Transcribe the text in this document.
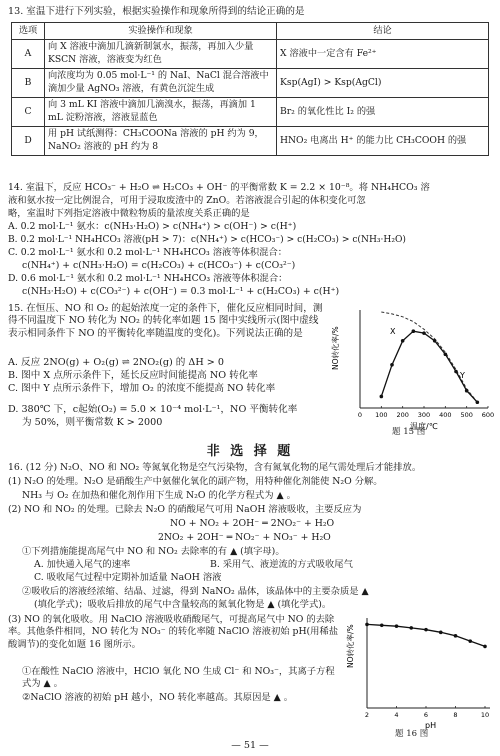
13. 室温下进行下列实验，根据实验操作和现象所得到的结论正确的是
选项	实验操作和现象	结论
A	向 X 溶液中滴加几滴新制氯水，振荡，再加入少量 KSCN 溶液，溶液变为红色	X 溶液中一定含有 Fe²⁺
B	向浓度均为 0.05 mol·L⁻¹ 的 NaI、NaCl 混合溶液中滴加少量 AgNO₃ 溶液，有黄色沉淀生成	Ksp(AgI) > Ksp(AgCl)
C	向 3 mL KI 溶液中滴加几滴溴水，振荡，再滴加 1 mL 淀粉溶液，溶液显蓝色	Br₂ 的氧化性比 I₂ 的强
D	用 pH 试纸测得：CH₃COONa 溶液的 pH 约为 9，NaNO₂ 溶液的 pH 约为 8	HNO₂ 电离出 H⁺ 的能力比 CH₃COOH 的强
14. 室温下，反应 HCO₃⁻ + H₂O ⇌ H₂CO₃ + OH⁻ 的平衡常数 K = 2.2 × 10⁻⁸。将 NH₄HCO₃ 溶
液和氨水按一定比例混合，可用于浸取废渣中的 ZnO。若溶液混合引起的体积变化可忽
略，室温时下列指定溶液中微粒物质的量浓度关系正确的是
A. 0.2 mol·L⁻¹ 氨水：c(NH₃·H₂O) > c(NH₄⁺) > c(OH⁻) > c(H⁺)
B. 0.2 mol·L⁻¹ NH₄HCO₃ 溶液(pH > 7)：c(NH₄⁺) > c(HCO₃⁻) > c(H₂CO₃) > c(NH₃·H₂O)
C. 0.2 mol·L⁻¹ 氨水和 0.2 mol·L⁻¹ NH₄HCO₃ 溶液等体积混合：
c(NH₄⁺) + c(NH₃·H₂O) = c(H₂CO₃) + c(HCO₃⁻) + c(CO₃²⁻)
D. 0.6 mol·L⁻¹ 氨水和 0.2 mol·L⁻¹ NH₄HCO₃ 溶液等体积混合：
c(NH₃·H₂O) + c(CO₃²⁻) + c(OH⁻) = 0.3 mol·L⁻¹ + c(H₂CO₃) + c(H⁺)
15. 在恒压、NO 和 O₂ 的起始浓度一定的条件下，催化反应相同时间，测得不同温度下 NO 转化为 NO₂ 的转化率如题 15 图中实线所示(图中虚线表示相同条件下 NO 的平衡转化率随温度的变化)。下列说法正确的是
A. 反应 2NO(g) + O₂(g) ⇌ 2NO₂(g) 的 ΔH > 0
B. 图中 X 点所示条件下，延长反应时间能提高 NO 转化率
C. 图中 Y 点所示条件下，增加 O₂ 的浓度不能提高 NO 转化率
D. 380℃ 下，c起始(O₂) = 5.0 × 10⁻⁴ mol·L⁻¹，NO 平衡转化率
为 50%，则平衡常数 K > 2000
0 100 200 300 400 500 600
X
Y
NO转化率/%
温度/℃
题 15 图
非 选 择 题
16. (12 分) N₂O、NO 和 NO₂ 等氮氧化物是空气污染物，含有氮氧化物的尾气需处理后才能排放。
(1) N₂O 的处理。N₂O 是硝酸生产中氨催化氧化的副产物，用特种催化剂能使 N₂O 分解。
NH₃ 与 O₂ 在加热和催化剂作用下生成 N₂O 的化学方程式为 ▲ 。
(2) NO 和 NO₂ 的处理。已除去 N₂O 的硝酸尾气可用 NaOH 溶液吸收，主要反应为
NO + NO₂ + 2OH⁻ ═ 2NO₂⁻ + H₂O
2NO₂ + 2OH⁻ ═ NO₂⁻ + NO₃⁻ + H₂O
①下列措施能提高尾气中 NO 和 NO₂ 去除率的有 ▲ (填字母)。
A. 加快通入尾气的速率	B. 采用气、液逆流的方式吸收尾气
C. 吸收尾气过程中定期补加适量 NaOH 溶液
②吸收后的溶液经浓缩、结晶、过滤，得到 NaNO₂ 晶体，该晶体中的主要杂质是 ▲
(填化学式)；吸收后排放的尾气中含量较高的氮氧化物是 ▲ (填化学式)。
(3) NO 的氧化吸收。用 NaClO 溶液吸收硝酸尾气，可提高尾气中 NO 的去除率。其他条件相同，NO 转化为 NO₃⁻ 的转化率随 NaClO 溶液初始 pH(用稀盐酸调节)的变化如题 16 图所示。
①在酸性 NaClO 溶液中，HClO 氧化 NO 生成 Cl⁻ 和 NO₃⁻，其离子方程式为 ▲ 。
②NaClO 溶液的初始 pH 越小，NO 转化率越高。其原因是 ▲ 。
2	4	6	8	10
NO转化率/%
pH
题 16 图
— 51 —
